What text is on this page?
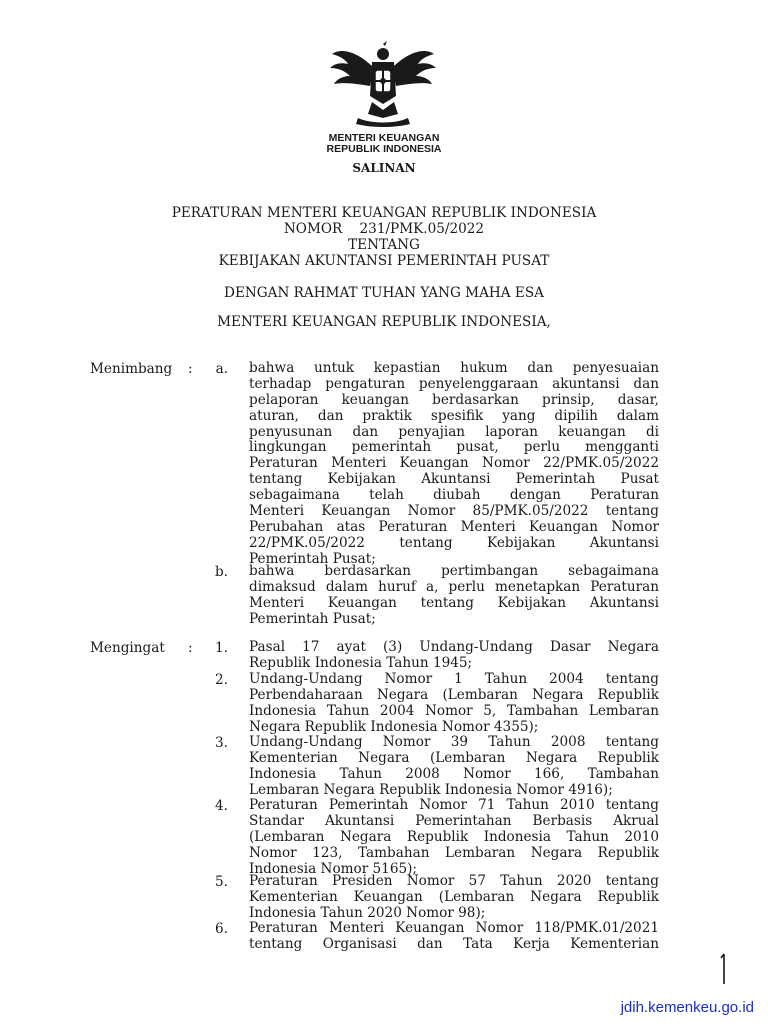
MENTERI KEUANGAN
REPUBLIK INDONESIA
SALINAN
PERATURAN MENTERI KEUANGAN REPUBLIK INDONESIA
NOMOR    231/PMK.05/2022
TENTANG
KEBIJAKAN AKUNTANSI PEMERINTAH PUSAT
DENGAN RAHMAT TUHAN YANG MAHA ESA
MENTERI KEUANGAN REPUBLIK INDONESIA,
Menimbang :	a. bahwa untuk kepastian hukum dan penyesuaian
terhadap pengaturan penyelenggaraan akuntansi dan
pelaporan keuangan berdasarkan prinsip, dasar,
aturan, dan praktik spesifik yang dipilih dalam
penyusunan dan penyajian laporan keuangan di
lingkungan pemerintah pusat, perlu mengganti
Peraturan Menteri Keuangan Nomor 22/PMK.05/2022
tentang Kebijakan Akuntansi Pemerintah Pusat
sebagaimana telah diubah dengan Peraturan
Menteri Keuangan Nomor 85/PMK.05/2022 tentang
Perubahan atas Peraturan Menteri Keuangan Nomor
22/PMK.05/2022 tentang Kebijakan Akuntansi
Pemerintah Pusat;
b. bahwa berdasarkan pertimbangan sebagaimana
dimaksud dalam huruf a, perlu menetapkan Peraturan
Menteri Keuangan tentang Kebijakan Akuntansi
Pemerintah Pusat;
Mengingat :	1. Pasal 17 ayat (3) Undang-Undang Dasar Negara
Republik Indonesia Tahun 1945;
2. Undang-Undang Nomor 1 Tahun 2004 tentang
Perbendaharaan Negara (Lembaran Negara Republik
Indonesia Tahun 2004 Nomor 5, Tambahan Lembaran
Negara Republik Indonesia Nomor 4355);
3. Undang-Undang Nomor 39 Tahun 2008 tentang
Kementerian Negara (Lembaran Negara Republik
Indonesia Tahun 2008 Nomor 166, Tambahan
Lembaran Negara Republik Indonesia Nomor 4916);
4. Peraturan Pemerintah Nomor 71 Tahun 2010 tentang
Standar Akuntansi Pemerintahan Berbasis Akrual
(Lembaran Negara Republik Indonesia Tahun 2010
Nomor 123, Tambahan Lembaran Negara Republik
Indonesia Nomor 5165);
5. Peraturan Presiden Nomor 57 Tahun 2020 tentang
Kementerian Keuangan (Lembaran Negara Republik
Indonesia Tahun 2020 Nomor 98);
6. Peraturan Menteri Keuangan Nomor 118/PMK.01/2021
tentang Organisasi dan Tata Kerja Kementerian
jdih.kemenkeu.go.id
